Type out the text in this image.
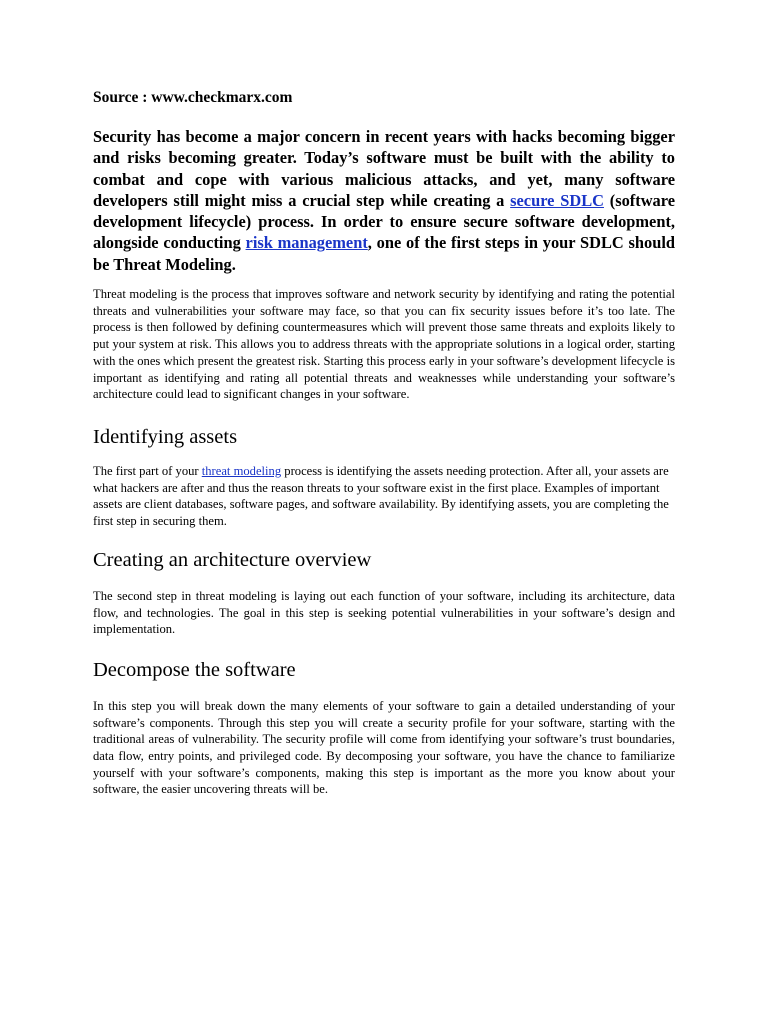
Source : www.checkmarx.com

Security has become a major concern in recent years with hacks becoming bigger and risks becoming greater. Today’s software must be built with the ability to combat and cope with various malicious attacks, and yet, many software developers still might miss a crucial step while creating a secure SDLC (software development lifecycle) process. In order to ensure secure software development, alongside conducting risk management, one of the first steps in your SDLC should be Threat Modeling.

Threat modeling is the process that improves software and network security by identifying and rating the potential threats and vulnerabilities your software may face, so that you can fix security issues before it’s too late. The process is then followed by defining countermeasures which will prevent those same threats and exploits likely to put your system at risk. This allows you to address threats with the appropriate solutions in a logical order, starting with the ones which present the greatest risk. Starting this process early in your software’s development lifecycle is important as identifying and rating all potential threats and weaknesses while understanding your software’s architecture could lead to significant changes in your software.

Identifying assets

The first part of your threat modeling process is identifying the assets needing protection. After all, your assets are what hackers are after and thus the reason threats to your software exist in the first place. Examples of important assets are client databases, software pages, and software availability. By identifying assets, you are completing the first step in securing them.

Creating an architecture overview

The second step in threat modeling is laying out each function of your software, including its architecture, data flow, and technologies. The goal in this step is seeking potential vulnerabilities in your software’s design and implementation.

Decompose the software

In this step you will break down the many elements of your software to gain a detailed understanding of your software’s components. Through this step you will create a security profile for your software, starting with the traditional areas of vulnerability. The security profile will come from identifying your software’s trust boundaries, data flow, entry points, and privileged code. By decomposing your software, you have the chance to familiarize yourself with your software’s components, making this step is important as the more you know about your software, the easier uncovering threats will be.
